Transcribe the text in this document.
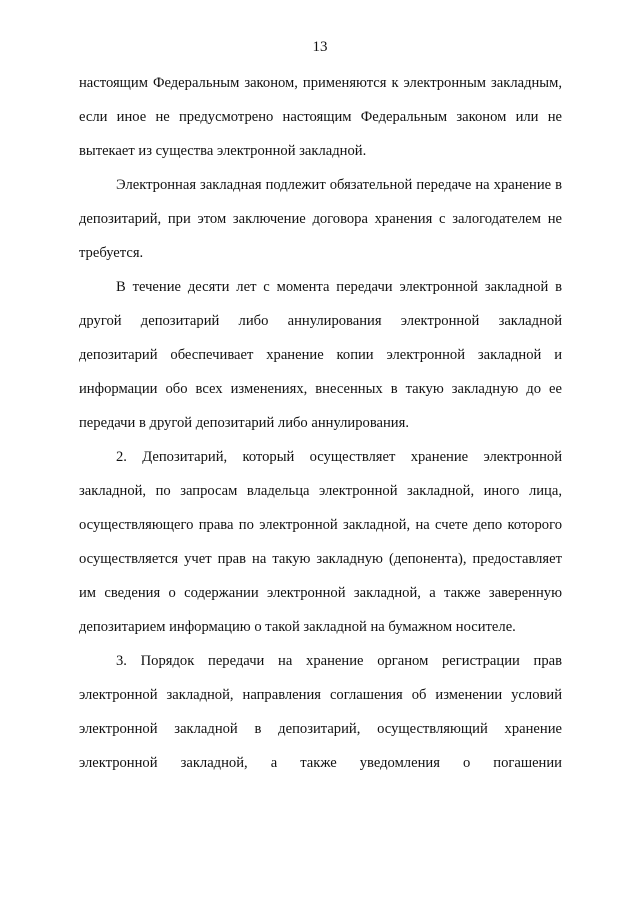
13

настоящим Федеральным законом, применяются к электронным закладным, если иное не предусмотрено настоящим Федеральным законом или не вытекает из существа электронной закладной.

Электронная закладная подлежит обязательной передаче на хранение в депозитарий, при этом заключение договора хранения с залогодателем не требуется.

В течение десяти лет с момента передачи электронной закладной в другой депозитарий либо аннулирования электронной закладной депозитарий обеспечивает хранение копии электронной закладной и информации обо всех изменениях, внесенных в такую закладную до ее передачи в другой депозитарий либо аннулирования.

2. Депозитарий, который осуществляет хранение электронной закладной, по запросам владельца электронной закладной, иного лица, осуществляющего права по электронной закладной, на счете депо которого осуществляется учет прав на такую закладную (депонента), предоставляет им сведения о содержании электронной закладной, а также заверенную депозитарием информацию о такой закладной на бумажном носителе.

3. Порядок передачи на хранение органом регистрации прав электронной закладной, направления соглашения об изменении условий электронной закладной в депозитарий, осуществляющий хранение электронной закладной, а также уведомления о погашении
